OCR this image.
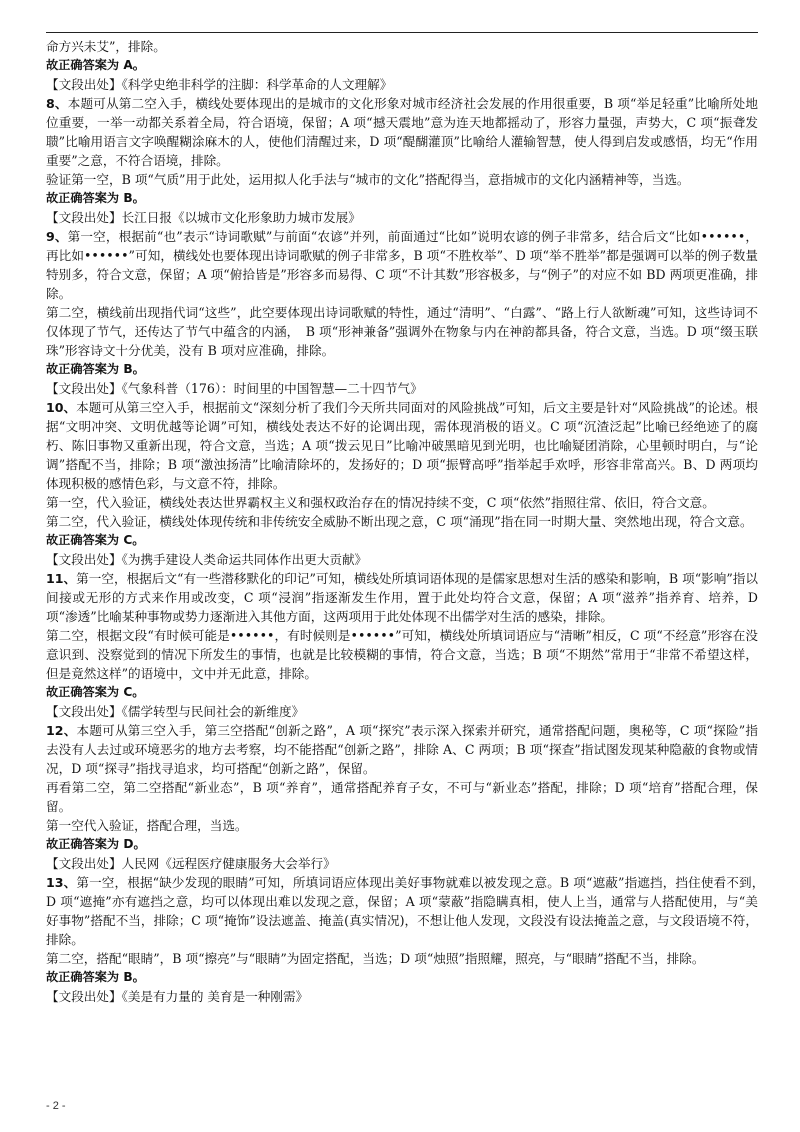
命方兴未艾”，排除。

故正确答案为 A。

【文段出处】《科学史绝非科学的注脚：科学革命的人文理解》

8、本题可从第二空入手，横线处要体现出的是城市的文化形象对城市经济社会发展的作用很重要，B 项“举足轻重”比喻所处地位重要，一举一动都关系着全局，符合语境，保留；A 项“撼天震地”意为连天地都摇动了，形容力量强，声势大，C 项“振聋发聩”比喻用语言文字唤醒糊涂麻木的人，使他们清醒过来，D 项“醍醐灌顶”比喻给人灌输智慧，使人得到启发或感悟，均无“作用重要”之意，不符合语境，排除。

验证第一空，B 项“气质”用于此处，运用拟人化手法与“城市的文化”搭配得当，意指城市的文化内涵精神等，当选。

故正确答案为 B。

【文段出处】长江日报《以城市文化形象助力城市发展》

9、第一空，根据前“也”表示“诗词歌赋”与前面“农谚”并列，前面通过“比如”说明农谚的例子非常多，结合后文“比如••••••，再比如••••••”可知，横线处也要体现出诗词歌赋的例子非常多，B 项“不胜枚举”、D 项“举不胜举”都是强调可以举的例子数量特别多，符合文意，保留；A 项“俯拾皆是”形容多而易得、C 项“不计其数”形容极多，与“例子”的对应不如 BD 两项更准确，排除。

第二空，横线前出现指代词“这些”，此空要体现出诗词歌赋的特性，通过“清明”、“白露”、“路上行人欲断魂”可知，这些诗词不仅体现了节气，还传达了节气中蕴含的内涵，　B 项“形神兼备”强调外在物象与内在神韵都具备，符合文意，当选。D 项“缀玉联珠”形容诗文十分优美，没有 B 项对应准确，排除。

故正确答案为 B。

【文段出处】《气象科普（176）：时间里的中国智慧—二十四节气》

10、本题可从第三空入手，根据前文“深刻分析了我们今天所共同面对的风险挑战”可知，后文主要是针对“风险挑战”的论述。根据“文明冲突、文明优越等论调”可知，横线处表达不好的论调出现，需体现消极的语义。C 项“沉渣泛起”比喻已经绝迹了的腐朽、陈旧事物又重新出现，符合文意，当选；A 项“拨云见日”比喻冲破黑暗见到光明，也比喻疑团消除，心里顿时明白，与“论调”搭配不当，排除；B 项“激浊扬清”比喻清除坏的，发扬好的；D 项“振臂高呼”指举起手欢呼，形容非常高兴。B、D 两项均体现积极的感情色彩，与文意不符，排除。

第一空，代入验证，横线处表达世界霸权主义和强权政治存在的情况持续不变，C 项“依然”指照往常、依旧，符合文意。

第二空，代入验证，横线处体现传统和非传统安全威胁不断出现之意，C 项“涌现”指在同一时期大量、突然地出现，符合文意。

故正确答案为 C。

【文段出处】《为携手建设人类命运共同体作出更大贡献》

11、第一空，根据后文“有一些潜移默化的印记”可知，横线处所填词语体现的是儒家思想对生活的感染和影响，B 项“影响”指以间接或无形的方式来作用或改变，C 项“浸润”指逐渐发生作用，置于此处均符合文意，保留；A 项“滋养”指养育、培养，D 项“渗透”比喻某种事物或势力逐渐进入其他方面，这两项用于此处体现不出儒学对生活的感染，排除。

第二空，根据文段“有时候可能是••••••，有时候则是••••••”可知，横线处所填词语应与“清晰”相反，C 项“不经意”形容在没意识到、没察觉到的情况下所发生的事情，也就是比较模糊的事情，符合文意，当选；B 项“不期然”常用于“非常不希望这样，但是竟然这样”的语境中，文中并无此意，排除。

故正确答案为 C。

【文段出处】《儒学转型与民间社会的新维度》

12、本题可从第三空入手，第三空搭配“创新之路”，A 项“探究”表示深入探索并研究，通常搭配问题，奥秘等，C 项“探险”指去没有人去过或环境恶劣的地方去考察，均不能搭配“创新之路”，排除 A、C 两项；B 项“探查”指试图发现某种隐蔽的食物或情况，D 项“探寻”指找寻追求，均可搭配“创新之路”，保留。

再看第二空，第二空搭配“新业态”，B 项“养育”，通常搭配养育子女，不可与“新业态”搭配，排除；D 项“培育”搭配合理，保留。

第一空代入验证，搭配合理，当选。

故正确答案为 D。

【文段出处】人民网《远程医疗健康服务大会举行》

13、第一空，根据“缺少发现的眼睛”可知，所填词语应体现出美好事物就难以被发现之意。B 项“遮蔽”指遮挡，挡住使看不到，　D 项“遮掩”亦有遮挡之意，均可以体现出难以发现之意，保留；A 项“蒙蔽”指隐瞒真相，使人上当，通常与人搭配使用，与“美好事物”搭配不当，排除；C 项“掩饰”设法遮盖、掩盖(真实情况)，不想让他人发现，文段没有设法掩盖之意，与文段语境不符，排除。

第二空，搭配“眼睛”，B 项“擦亮”与“眼睛”为固定搭配，当选；D 项“烛照”指照耀，照亮，与“眼睛”搭配不当，排除。

故正确答案为 B。

【文段出处】《美是有力量的 美育是一种刚需》

- 2 -
